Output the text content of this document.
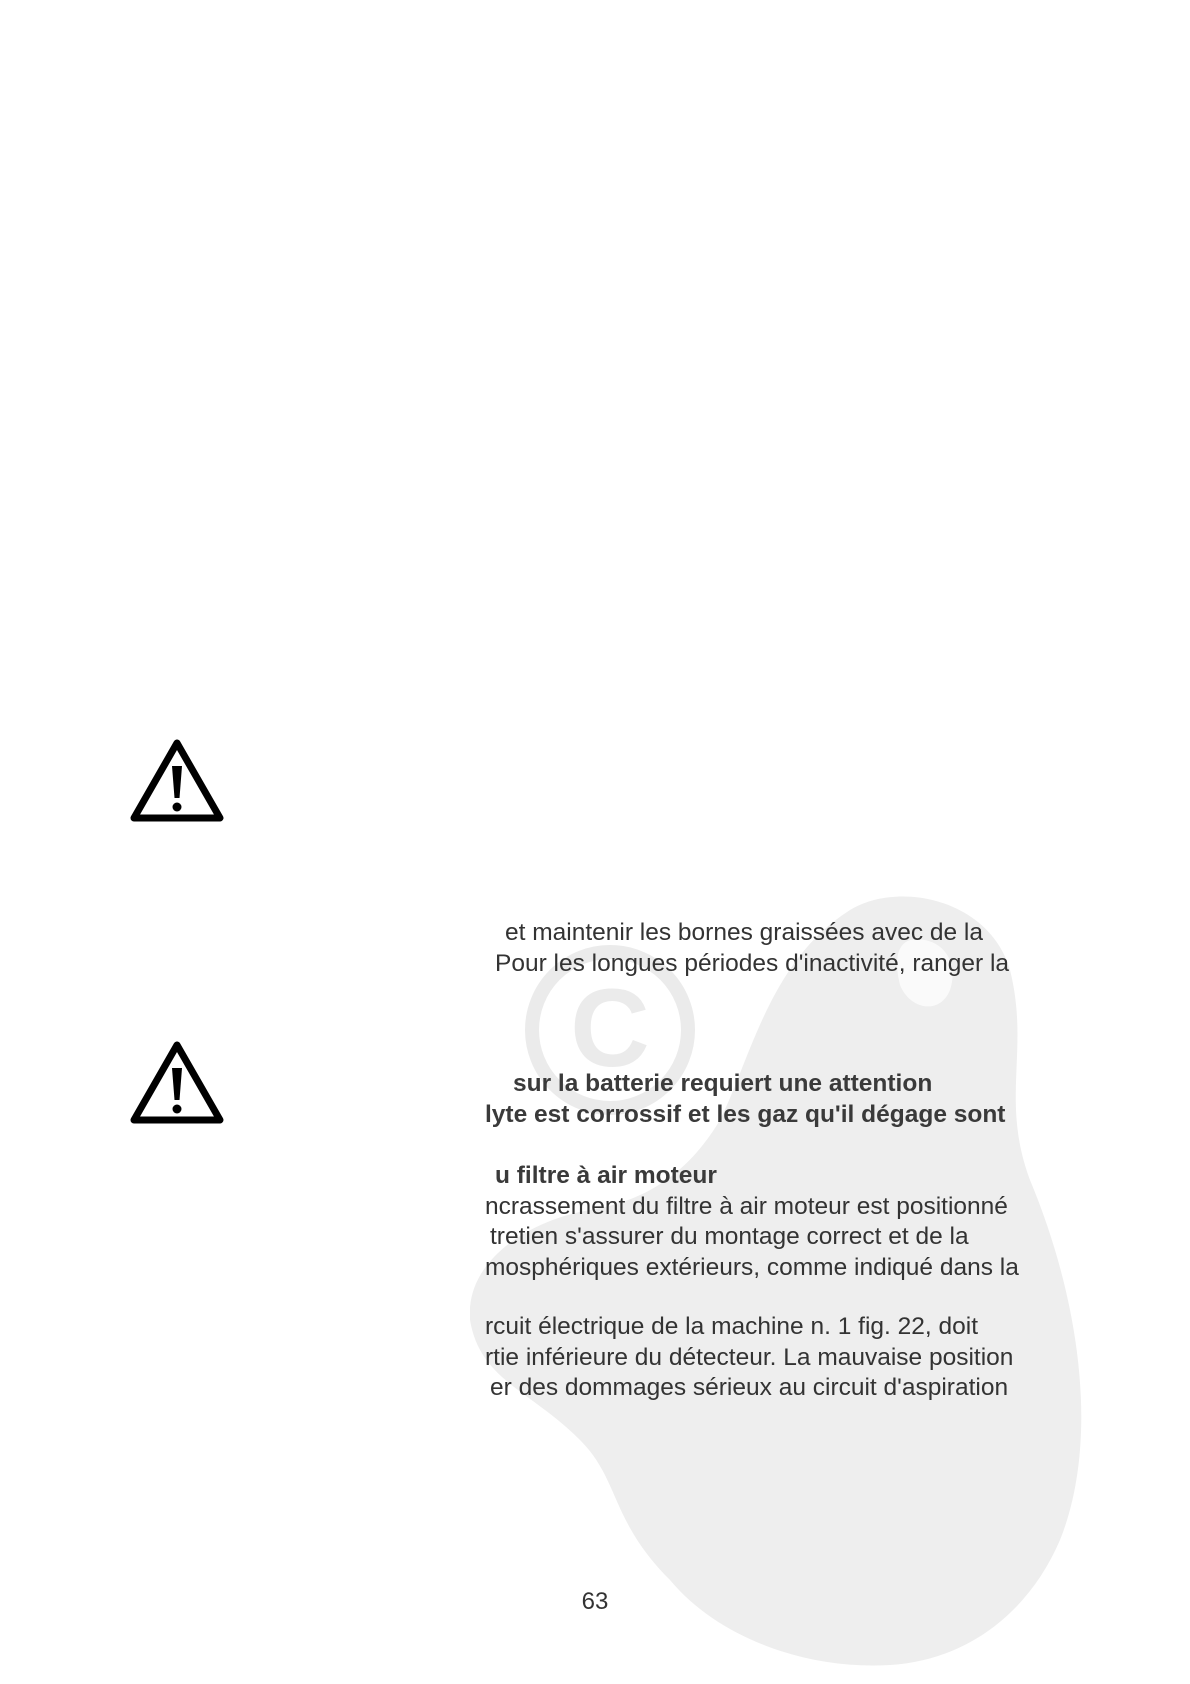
C
et maintenir les bornes graissées avec de la
Pour les longues périodes d'inactivité, ranger la
sur la batterie requiert une attention
lyte est corrossif et les gaz qu'il dégage sont
u filtre à air moteur
ncrassement du filtre à air moteur est positionné
tretien s'assurer du montage correct et de la
mosphériques extérieurs, comme indiqué dans la
rcuit électrique de la machine n. 1 fig. 22, doit
rtie inférieure du détecteur. La mauvaise position
er des dommages sérieux au circuit d'aspiration
63
